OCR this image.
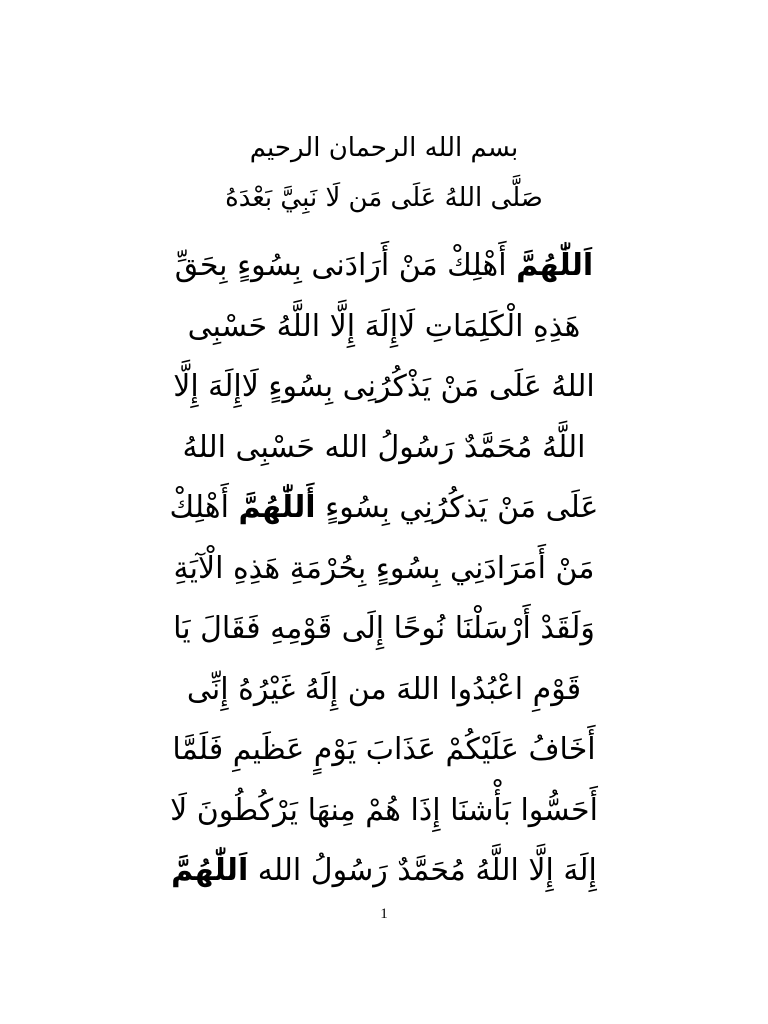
بسم الله الرحمان الرحيم
صَلَّى اللهُ عَلَى مَن لَا نَبِيَّ بَعْدَهُ
اَللّٰهُمَّ أَهْلِكْ مَنْ أَرَادَنى بِسُوءٍ بِحَقِّ
هَذِهِ الْكَلِمَاتِ لَاإِلَهَ إِلَّا اللَّهُ حَسْبِى
اللهُ عَلَى مَنْ يَذْكُرُنِى بِسُوءٍ لَاإِلَهَ إِلَّا
اللَّهُ مُحَمَّدٌ رَسُولُ الله حَسْبِى اللهُ
عَلَى مَنْ يَذكُرُنِي بِسُوءٍ أَللّٰهُمَّ أَهْلِكْ
مَنْ أَمَرَادَنِي بِسُوءٍ بِحُرْمَةِ هَذِهِ الْآيَةِ
وَلَقَدْ أَرْسَلْنَا نُوحًا إِلَى قَوْمِهِ فَقَالَ يَا
قَوْمِ اعْبُدُوا اللهَ من إِلَهُ غَيْرُهُ إِنِّى
أَخَافُ عَلَيْكُمْ عَذَابَ يَوْمٍ عَظَيمِ فَلَمَّا
أَحَسُّوا بَأْشنَا إِذَا هُمْ مِنهَا يَرْكُطُونَ لَا
إِلَهَ إِلَّا اللَّهُ مُحَمَّدٌ رَسُولُ الله اَللّٰهُمَّ
1
